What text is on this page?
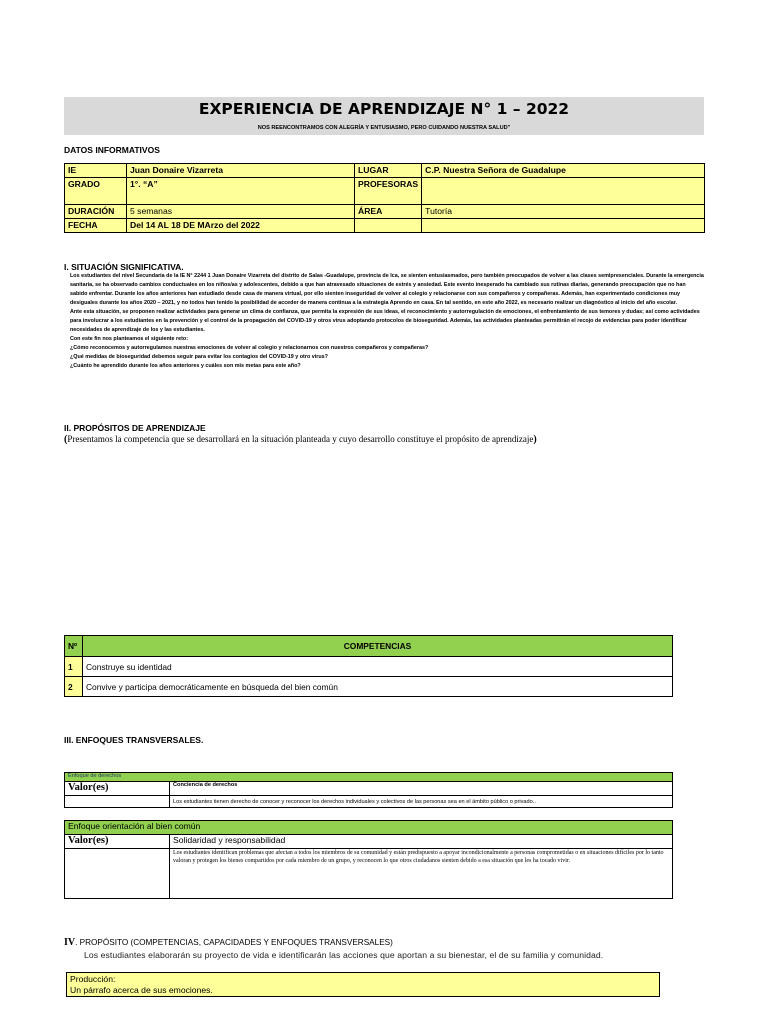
EXPERIENCIA DE APRENDIZAJE N° 1 – 2022
NOS REENCONTRAMOS CON ALEGRÍA Y ENTUSIASMO, PERO CUIDANDO NUESTRA SALUD"
DATOS INFORMATIVOS
IE	Juan Donaire Vizarreta	LUGAR	C.P. Nuestra Señora de Guadalupe
GRADO	1°. “A”	PROFESORAS	
DURACIÓN	5 semanas	ÁREA	Tutoría
FECHA	Del 14 AL 18 DE MArzo del 2022		
I. SITUACIÓN SIGNIFICATIVA.

Los estudiantes del nivel Secundaria de la IE N° 2244 1 Juan Donaire Vizarreta del distrito de Salas -Guadalupe, provincia de Ica, se sienten entusiasmados, pero también preocupados de volver a las clases semipresenciales. Durante la emergencia sanitaria, se ha observado cambios conductuales en los niños/as y adolescentes, debido a que han atravesado situaciones de estrés y ansiedad. Este evento inesperado ha cambiado sus rutinas diarias, generando preocupación que no han sabido enfrentar. Durante los años anteriores han estudiado desde casa de manera virtual, por ello sienten inseguridad de volver al colegio y relacionarse con sus compañeros y compañeras. Además, han experimentado condiciones muy desiguales durante los años 2020 – 2021, y no todos han tenido la posibilidad de acceder de manera continua a la estrategia Aprendo en casa. En tal sentido, en este año 2022, es necesario realizar un diagnóstico al inicio del año escolar.

Ante esta situación, se proponen realizar actividades para generar un clima de confianza, que permita la expresión de sus ideas, el reconocimiento y autorregulación de emociones, el enfrentamiento de sus temores y dudas; así como actividades para involucrar a los estudiantes en la prevención y el control de la propagación del COVID-19 y otros virus adoptando protocolos de bioseguridad. Además, las actividades planteadas permitirán el recojo de evidencias para poder identificar necesidades de aprendizaje de los y las estudiantes.

Con este fin nos planteamos el siguiente reto:

¿Cómo reconocemos y autorregulamos nuestras emociones de volver al colegio y relacionarnos con nuestros compañeros y compañeras?

¿Qué medidas de bioseguridad debemos seguir para evitar los contagios del COVID-19 y otro virus?

¿Cuánto he aprendido durante los años anteriores y cuáles son mis metas para este año?

II. PROPÓSITOS DE APRENDIZAJE
(Presentamos la competencia que se desarrollará en la situación planteada y cuyo desarrollo constituye el propósito de aprendizaje)
Nº	COMPETENCIAS
1	Construye su identidad
2	Convive y participa democráticamente en búsqueda del bien común
III. ENFOQUES TRANSVERSALES.
Enfoque de derechos	
Valor(es)	Conciencia de derechos
	Los estudiantes tienen derecho de conocer y reconocer los derechos individuales y colectivos de las personas sea en el ámbito público o privado..
Enfoque orientación al bien común	
Valor(es)	Solidaridad y responsabilidad
	Los estudiantes identifican problemas que afectan a todos los miembros de su comunidad y están predispuesto a apoyar incondicionalmente a personas comprometidas o en situaciones difíciles por lo tanto valoran y protegen los bienes compartidos por cada miembro de un grupo, y reconocen lo que otros ciudadanos sienten debido a esa situación que les ha tocado vivir.
IV. PROPÓSITO (COMPETENCIAS, CAPACIDADES Y ENFOQUES TRANSVERSALES)
Los estudiantes elaborarán su proyecto de vida e identificarán las acciones que aportan a su bienestar, el de su familia y comunidad.
Producción:
Un párrafo acerca de sus emociones.
